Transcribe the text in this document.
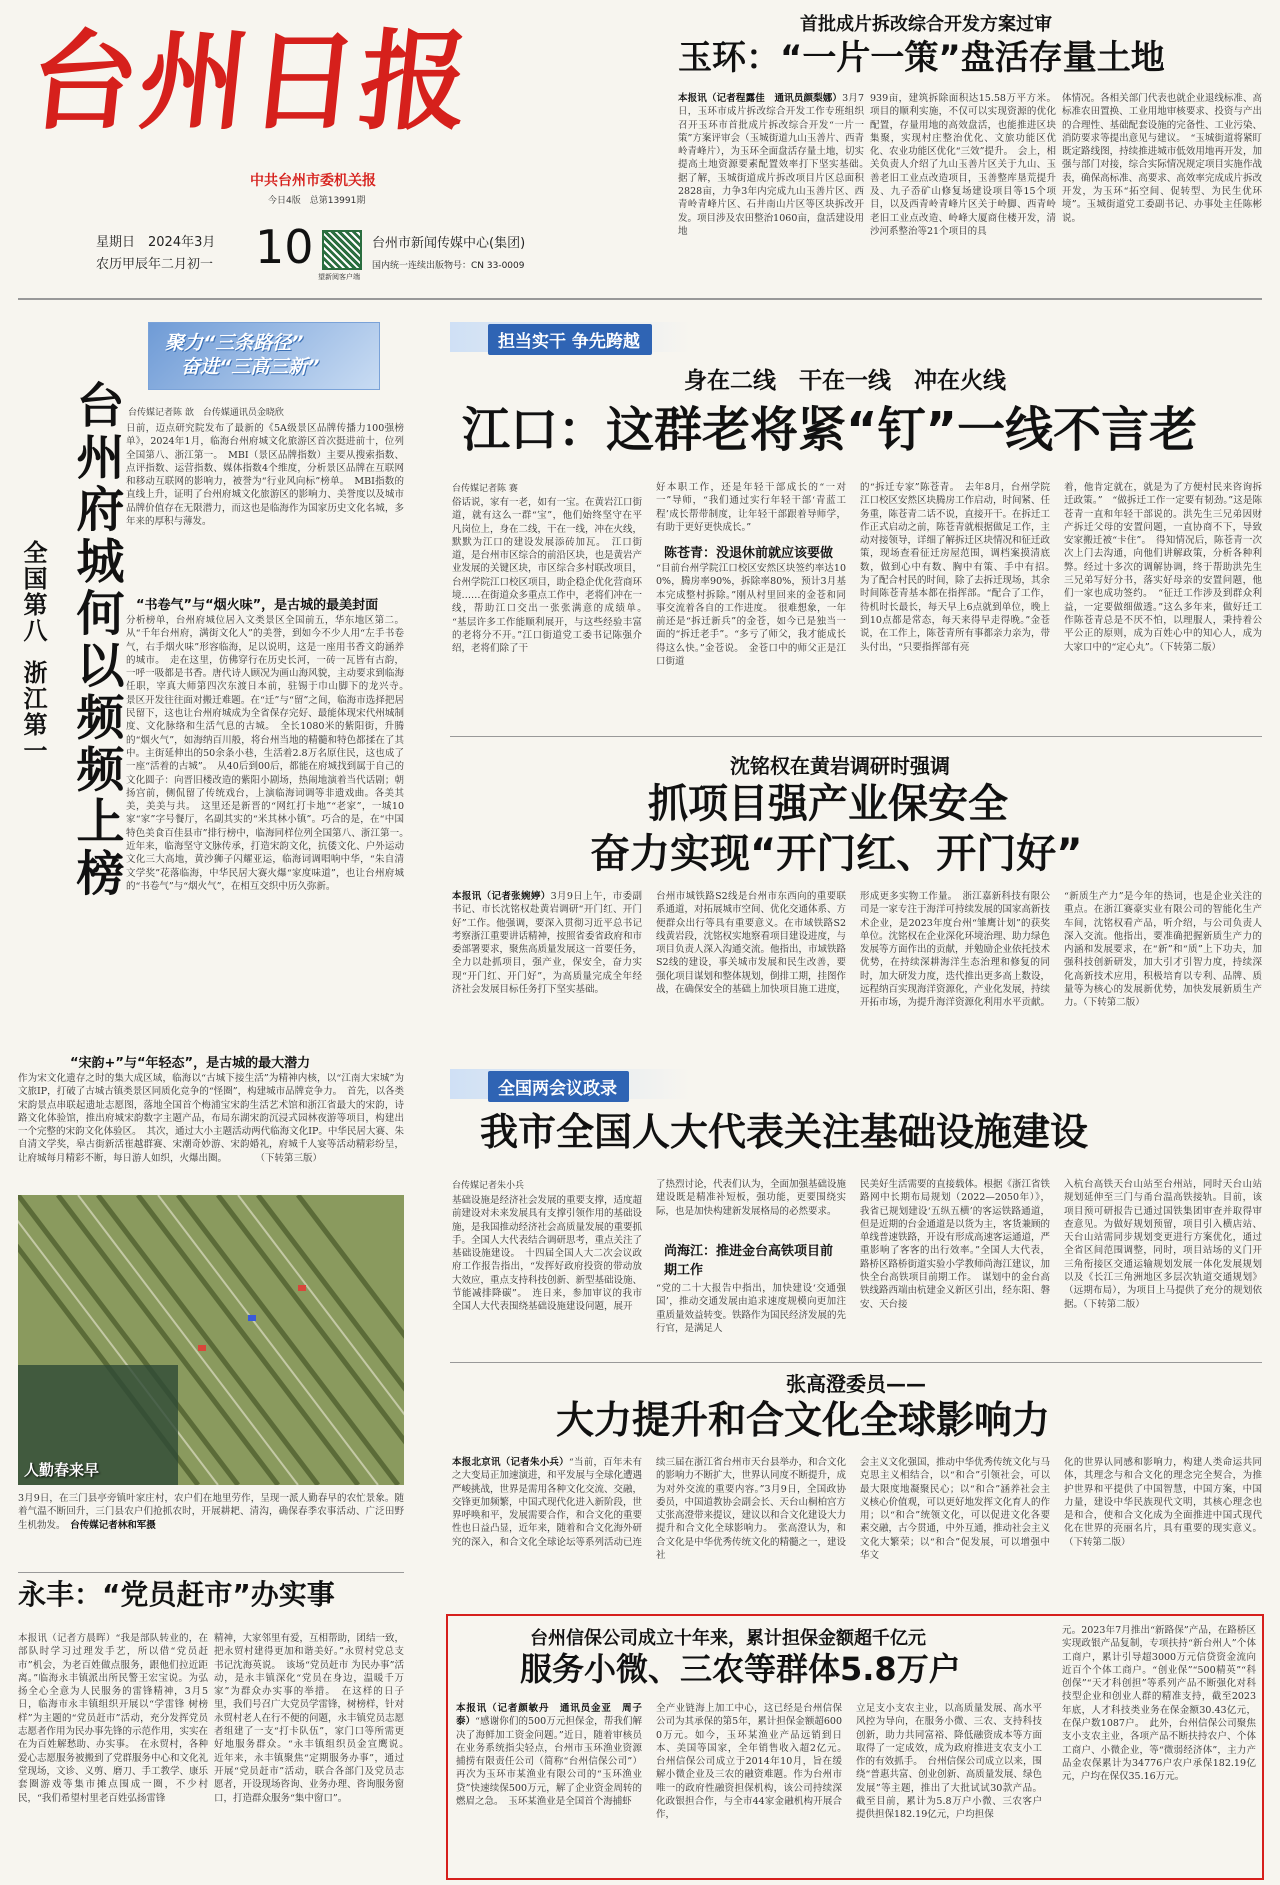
台州日报
中共台州市委机关报
今日4版　总第13991期
星期日　2024年3月
农历甲辰年二月初一 10
望新阅客户端
台州市新闻传媒中心(集团)
国内统一连续出版物号：CN 33-0009
首批成片拆改综合开发方案过审
玉环：“一片一策”盘活存量土地
本报讯（记者程露佳　通讯员颜梨娜）3月7日，玉环市成片拆改综合开发工作专班组织召开玉环市首批成片拆改综合开发“一片一策”方案评审会（玉城街道九山玉善片、西青岭青峰片），为玉环全面盘活存量土地，切实提高土地资源要素配置效率打下坚实基础。　据了解，玉城街道成片拆改项目片区总面积2828亩，力争3年内完成九山玉善片区、西青岭青峰片区、石井南山片区等区块拆改开发。项目涉及农田整治1060亩，盘活建设用地
939亩，建筑拆除面积达15.58万平方米。项目的顺利实施，不仅可以实现资源的优化配置，存量用地的高效盘活，也能推进区块集聚，实现村庄整治优化、文旅功能区优化、农业功能区优化“三效”提升。　会上，相关负责人介绍了九山玉善片区关于九山、玉善老旧工业点改造项目，玉善整库垦荒提升及、九子岙矿山修复场建设项目等15个项目，以及西青岭青峰片区关于岭脚、西青岭老旧工业点改造、岭峰大厦商住楼开发，清沙河系整治等21个项目的具
体情况。各相关部门代表也就企业退线标准、高标准农田置换、工业用地审核要求、投资与产出的合理性、基础配套设施的完备性、工业污染、消防要求等提出意见与建议。　“玉城街道将紧盯既定路线图，持续推进城市低效用地再开发，加强与部门对接，综合实际情况规定项目实施作战表，确保高标准、高要求、高效率完成成片拆改开发，为玉环“拓空间、促转型、为民生优环境”。玉城街道党工委副书记、办事处主任陈彬说。
聚力“三条路径”
奋进“三高三新”
台州府城何以频频上榜
全国第八
浙江第一
台传媒记者陈 歆　台传媒通讯员金晓欣
日前，迈点研究院发布了最新的《5A级景区品牌传播力100强榜单》，2024年1月，临海台州府城文化旅游区首次挺进前十，位列全国第八、浙江第一。　MBI（景区品牌指数）主要从搜索指数、点评指数、运营指数、媒体指数4个维度，分析景区品牌在互联网和移动互联网的影响力，被誉为“行业风向标”榜单。　MBI指数的直线上升，证明了台州府城文化旅游区的影响力、美誉度以及城市品牌价值存在无限潜力，而这也是临海作为国家历史文化名城，多年来的厚积与薄发。
“书卷气”与“烟火味”，是古城的最美封面
分析榜单，台州府城位居入文类景区全国前五，华东地区第二。从“千年台州府，满街文化人”的美誉，到如今不少人用“左手书卷气，右手烟火味”形容临海，足以说明，这是一座用书香文韵涵养的城市。　走在这里，仿佛穿行在历史长河，一砖一瓦皆有古韵，一呼一吸都是书香。唐代诗人顾况为画山海风貌，主动要求到临海任职，宰真大师第四次东渡日本前，驻锡于巾山脚下的龙兴寺。　景区开发往往面对搬迁难题。在“迁”与“留”之间，临海市选择把居民留下，这也让台州府城成为全省保存完好、最能体现宋代州城制度、文化脉络和生活气息的古城。　全长1080米的紫阳街，升腾的“烟火气”，如海纳百川般，将台州当地的精髓和特色都揉在了其中。主街延伸出的50余条小巷，生活着2.8万名原住民，这也成了一座“活着的古城”。　从40后到00后，都能在府城找到属于自己的文化圆子：向晋旧楼改造的紫阳小剧场，热闹地演着当代话剧；朝扬宫前，侧侃留了传统戏台，上演临海词调等非遗戏曲。各美其美，美美与共。　这里还是新晋的“网红打卡地”“老家”，一城10家“家”字号餐厅，名副其实的“米其林小镇”。巧合的是，在“中国特色美食百佳县市”排行榜中，临海同样位列全国第八、浙江第一。　近年来，临海坚守文脉传承，打造宋韵文化，抗倭文化、户外运动文化三大高地，黄沙狮子闪耀亚运，临海词调唱响中华，“朱自清文学奖”花落临海，中华民居大赛火爆“家度味道”，也让台州府城的“书卷气”与“烟火气”，在相互交织中历久弥新。
“宋韵+”与“年轻态”，是古城的最大潜力
作为宋文化遗存之时的集大成区域，临海以“古城下接生活”为精神内核，以“江南大宋城”为文旅IP，打破了古城古镇类景区同质化竞争的“怪圈”，构建城市品牌竞争力。　首先，以各类宋韵景点串联起遗址志愿图，落地全国首个梅浦宝宋韵生活艺术馆和浙江省最大的宋韵，诗路文化体验馆，推出府城宋韵数字主题产品，布局东湖宋韵沉浸式园林夜游等项目，构建出一个完整的宋韵文化体验区。　其次，通过大小主题活动两代临海文化IP。中华民居大赛、朱自清文学奖，皋古街新活崔越群赛、宋潮奇妙游、宋韵婚礼，府城千人宴等活动精彩纷呈，让府城每月精彩不断，每日游人如织，火爆出圈。　　　　（下转第三版）
人勤春来早
3月9日，在三门县亭旁镇叶家庄村，农户们在地里劳作，呈现一派人勤春早的农忙景象。随着气温不断回升，三门县农户们抢抓农时，开展耕耙、清沟，确保春季农事活动、广泛田野生机勃发。　 台传媒记者林和军摄
永丰：“党员赶市”办实事
本报讯（记者方晨晖）“我是部队转业的，在部队时学习过理发手艺，所以借“党员赶市”机会，为老百姓做点服务，跟他们拉近距离。”临海永丰镇派出所民警王宏宝说。为弘扬全心全意为人民服务的雷锋精神，3月5日，临海市永丰镇组织开展以“学雷锋 树榜样”为主题的“党员赶市”活动，充分发挥党员志愿者作用为民办事先锋的示范作用，实实在在为百姓解愁助、办实事。　在永贸村，各种爱心志愿服务被搬到了党群服务中心和文化礼堂现场，文诊、义剪、磨刀、手工教学、康乐套圈游戏等集市摊点围成一圈，不少村民，“我们希望村里老百姓弘扬雷锋
精神，大家邻里有爱，互相帮助，团结一致，把永贸村建得更加和谐美好。”永贸村党总支书记沈海英说。　该场“党员赶市 为民办事”活动，是永丰镇深化“党员在身边，温暖千万家”为群众办实事的举措。　在这样的日子里，我们号召广大党员学雷锋，树榜样，针对永贸村老人在行不便的问题，永丰镇党员志愿者组建了一支“打卡队伍”，家门口等所需更好地服务群众。“永丰镇组织员金宣鹰说。　近年来，永丰镇聚焦“定期服务办事”，通过开展“党员赶市”活动，联合各部门及党员志愿者，开设现场咨询、业务办理、咨询服务窗口，打造群众服务“集中窗口”。
担当实干 争先跨越
身在二线　干在一线　冲在火线
江口：这群老将紧“钉”一线不言老
台传媒记者陈 赛
俗话说，家有一老，如有一宝。在黄岩江口街道，就有这么一群“宝”，他们始终坚守在平凡岗位上，身在二线，干在一线，冲在火线，默默为江口的建设发展添砖加瓦。　江口街道，是台州市区综合的前沿区块，也是黄岩产业发展的关键区块，市区综合多村联改项目，台州学院江口校区项目，助企稳企优化营商环境……在街道众多重点工作中，老将们冲在一线，帮助江口交出一张张满意的成绩单。　“基层许多工作能顺利展开，与这些经验丰富的老将分不开。”江口街道党工委书记陈强介绍，老将们除了干
好本职工作，还是年轻干部成长的“一对一”导师，“我们通过实行年轻干部‘青蓝工程’成长帮带制度，让年轻干部跟着导师学，有助于更好更快成长。”
陈苍青：没退休前就应该要做
“目前台州学院江口校区安然区块签约率达100%，腾房率90%，拆除率80%，预计3月基本完成整村拆除。”刚从村里回来的金苍和同事交流着各自的工作进度。　很难想象，一年前还是“拆迁新兵”的金苍，如今已是独当一面的“拆迁老手”。“多亏了师父，我才能成长得这么快。”金苍说。　金苍口中的师父正是江口街道
的“拆迁专家”陈苍青。　去年8月，台州学院江口校区安然区块腾房工作启动，时间紧、任务重，陈苍青二话不说，直接开干。在拆迁工作正式启动之前，陈苍青就根据做足工作，主动对接领导，详细了解拆迁区块情况和征迁政策，现场查看征迁房屋范围，调档案摸清底数，做到心中有数、胸中有策、手中有招。　为了配合村民的时间，除了去拆迁现场，其余时间陈苍青基本都在指挥部。“配合了工作，待机时长最长，每天早上6点就到单位，晚上到10点都是常态，每天来得早走得晚。”金苍说，在工作上，陈苍青所有事都亲力亲为，带头付出，“只要指挥部有亮
着，他肯定就在，就是为了方便村民来咨询拆迁政策。”　“做拆迁工作一定要有韧劲。”这是陈苍青一直和年轻干部说的。洪先生三兄弟因财产拆迁父母的安置问题，一直协商不下，导致安家搬迁被“卡住”。　得知情况后，陈苍青一次次上门去沟通，向他们讲解政策，分析各种利弊。经过十多次的调解协调，终于帮助洪先生三兄弟写好分书，落实好母亲的安置问题，他们一家也成功签约。　“征迁工作涉及到群众利益，一定要做细做透。”这么多年来，做好迁工作陈苍青总是不厌不怕，以理服人，秉持着公平公正的原则，成为百姓心中的知心人，成为大家口中的“定心丸”。（下转第二版）
沈铭权在黄岩调研时强调
抓项目强产业保安全
奋力实现“开门红、开门好”
本报讯（记者张婉婷）3月9日上午，市委副书记、市长沈铭权赴黄岩调研“开门红、开门好”工作。他强调，要深入贯彻习近平总书记考察浙江重要讲话精神，按照省委省政府和市委部署要求，聚焦高质量发展这一首要任务，全力以赴抓项目，强产业，保安全，奋力实现“开门红、开门好”，为高质量完成全年经济社会发展目标任务打下坚实基础。
台州市城铁路S2线是台州市东西向的重要联系通道，对拓展城市空间、优化交通体系、方便群众出行等具有重要意义。在市域铁路S2线黄岩段，沈铭权实地察看项目建设进度，与项目负责人深入沟通交流。他指出，市域铁路S2线的建设，事关城市发展和民生改善，要强化项目谋划和整体规划，倒排工期，挂图作战，在确保安全的基础上加快项目施工进度，
形成更多实物工作量。　浙江嘉新科技有限公司是一家专注于海洋可持续发展的国家高新技术企业，是2023年度台州“雏鹰计划”的获奖单位。沈铭权在企业深化环境治理、助力绿色发展等方面作出的贡献，并勉励企业依托技术优势，在持续深耕海洋生态治理和修复的同时，加大研发力度，迭代推出更多高上数设，远程纳百实现海洋资源化，产业化发展，持续开拓市场，为提升海洋资源化利用水平贡献。
“新质生产力”是今年的热词，也是企业关注的重点。在浙江赛豪实业有限公司的智能化生产车间，沈铭权看产品，听介绍，与公司负责人深入交流。他指出，要准确把握新质生产力的内涵和发展要求，在“新”和“质”上下功夫，加强科技创新研发，加大引才引智力度，持续深化高新技术应用，积极培育以专利、品牌、质量等为核心的发展新优势，加快发展新质生产力。（下转第二版）
全国两会议政录
我市全国人大代表关注基础设施建设
台传媒记者朱小兵
基础设施是经济社会发展的重要支撑，适度超前建设对未来发展具有支撑引领作用的基础设施，是我国推动经济社会高质量发展的重要抓手。全国人大代表结合调研思考，重点关注了基础设施建设。　十四届全国人大二次会议政府工作报告指出，“发挥好政府投资的带动放大效应，重点支持科技创新、新型基础设施、节能减排降碳”。　连日来，参加审议的我市全国人大代表围绕基础设施建设问题，展开
了热烈讨论，代表们认为，全面加强基础设施建设既是精准补短板，强功能，更要围绕实际，也是加快构建新发展格局的必然要求。
尚海江：推进金台高铁项目前期工作
“党的二十大报告中指出，加快建设‘交通强国’，推动交通发展由追求速度规模向更加注重质量效益转变。铁路作为国民经济发展的先行官，是满足人
民美好生活需要的直接载体。根据《浙江省铁路网中长期布局规划（2022—2050年）》，我省已规划建设‘五纵五横’的客运铁路通道，但是近期的台金通道是以货为主，客货兼顾的单线普速铁路，开设有形成高速客运通道，严重影响了客客的出行效率。”全国人大代表，路桥区路桥街道实验小学教师尚海江建议，加快全台高铁项目前期工作。　谋划中的金台高铁线路西端由杭建金义新区引出，经东阳、磐安、天台接
入杭台高铁天台山站至台州站，同时天台山站规划延伸至三门与甬台温高铁接轨。目前，该项目预可研报告已通过国铁集团审查并取得审查意见。为做好规划预留，项目引入横店站、天台山站需同步规划变更进行方案优化，通过全省区间范围调整，同时，项目站场的义门开三角衔接区交通运输规划发展一体化发展规划以及《长江三角洲地区多层次轨道交通规划》（远期布局），为项目上马提供了充分的规划依据。（下转第二版）
张高澄委员——
大力提升和合文化全球影响力
本报北京讯（记者朱小兵）“当前，百年未有之大变局正加速演进，和平发展与全球化遭遇严峻挑战，世界是需用各种文化交流、交融，交锋更加频繁，中国式现代化进入新阶段，世界呼唤和平，发展需要合作，和合文化的重要性也日益凸显，近年来，随着和合文化海外研究的深入，和合文化全球论坛等系列活动已连
续三届在浙江省台州市天台县举办，和合文化的影响力不断扩大，世界认同度不断提升，成为对外交流的重要内容。”3月9日，全国政协委员，中国道教协会副会长、天台山桐柏宫方丈张高澄带来提议，建议以和合文化建设大力提升和合文化全球影响力。　张高澄认为，和合文化是中华优秀传统文化的精髓之一，建设社
会主义文化强国，推动中华优秀传统文化与马克思主义相结合，以“和合”引领社会，可以最大限度地凝聚民心；以“和合”涵养社会主义核心价值观，可以更好地发挥文化育人的作用；以“和合”统领文化，可以促进文化各要素交融，古今贯通，中外互通，推动社会主义文化大繁荣；以“和合”促发展，可以增强中华文
化的世界认同感和影响力，构建人类命运共同体，其理念与和合文化的理念完全契合，为推护世界和平提供了中国智慧，中国方案，中国力量，建设中华民族现代文明，其核心理念也是和合，使和合文化成为全面推进中国式现代化在世界的亮丽名片，具有重要的现实意义。（下转第二版）
台州信保公司成立十年来，累计担保金额超千亿元
服务小微、三农等群体5.8万户
本报讯（记者颜敏丹　通讯员金亚　周子泰）“感谢你们的500万元担保金，帮我们解决了海鲜加工资金问题。”近日，随着审核员在业务系统指尖轻点，台州市玉环渔业资源捕捞有限责任公司（简称“台州信保公司”）再次为玉环市某渔业有限公司的“玉环渔业贷”快速续保500万元，解了企业资金周转的燃眉之急。　玉环某渔业是全国首个海捕虾
全产业链海上加工中心，这已经是台州信保公司为其承保的第5年，累计担保金额超6000万元。如今，玉环某渔业产品远销到日本、美国等国家，全年销售收入超2亿元。　台州信保公司成立于2014年10月，旨在缓解小微企业及三农的融资难题。作为台州市唯一的政府性融资担保机构，该公司持续深化政银担合作，与全市44家金融机构开展合作，
立足支小支农主业，以高质量发展、高水平风控为导向，在服务小微、三农、支持科技创新，助力共同富裕、降低融资成本等方面取得了一定成效，成为政府推进支农支小工作的有效抓手。　台州信保公司成立以来，围绕“普惠共富、创业创新、高质量发展、绿色发展”等主题，推出了大批试试30款产品。截至目前，累计为5.8万户小微、三农客户提供担保182.19亿元，户均担保
元。2023年7月推出“新路保”产品，在路桥区实现政银产品复制，专项扶持“新台州人”个体工商户，累计引导超3000万元信贷资金流向近百个个体工商户。“创业保”“500精英”“科创保”“天才科创担”等系列产品不断强化对科技型企业和创业人群的精准支持，截至2023年底，人才科技类业务在保金额30.43亿元，在保户数1087户。　此外，台州信保公司聚焦支小支农主业，各项产品不断扶持农户、个体工商户、小微企业，等“微弱经济体”，主力产品金农保累计为34776户农户承保182.19亿元，户均在保仅35.16万元。
